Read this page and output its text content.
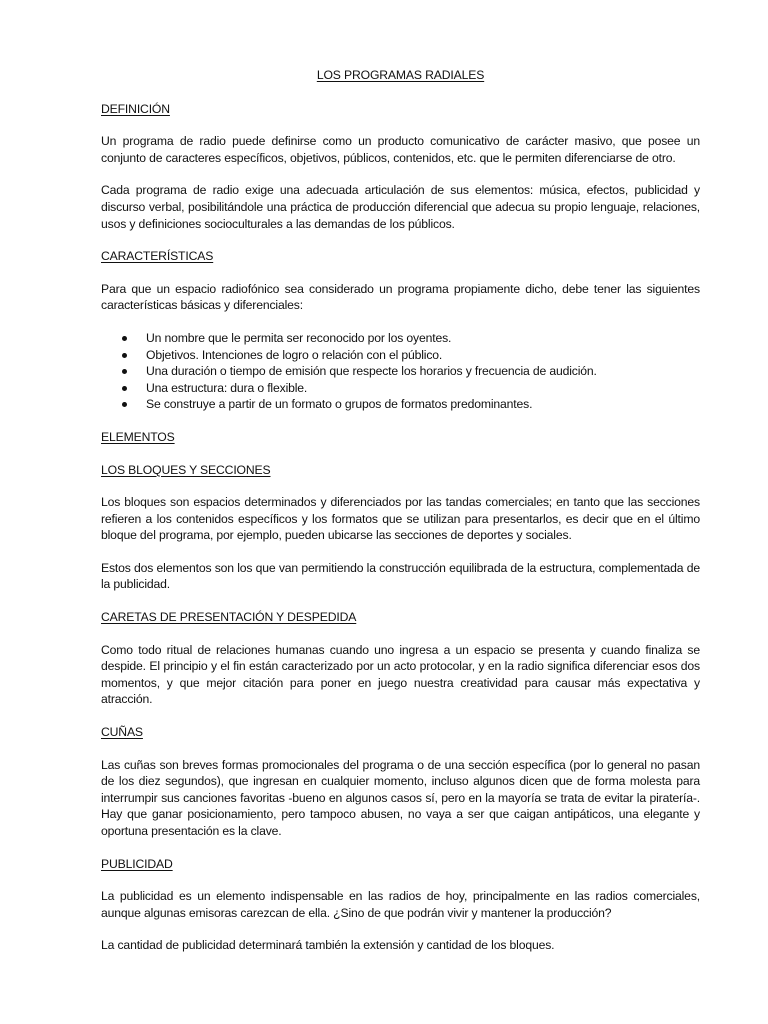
LOS PROGRAMAS RADIALES
DEFINICIÓN

Un programa de radio puede definirse como un producto comunicativo de carácter masivo, que posee un conjunto de caracteres específicos, objetivos, públicos, contenidos, etc. que le permiten diferenciarse de otro.

Cada programa de radio exige una adecuada articulación de sus elementos: música, efectos, publicidad y discurso verbal, posibilitándole una práctica de producción diferencial que adecua su propio lenguaje, relaciones, usos y definiciones socioculturales a las demandas de los públicos.

CARACTERÍSTICAS

Para que un espacio radiofónico sea considerado un programa propiamente dicho, debe tener las siguientes características básicas y diferenciales:

Un nombre que le permita ser reconocido por los oyentes.
Objetivos. Intenciones de logro o relación con el público.
Una duración o tiempo de emisión que respecte los horarios y frecuencia de audición.
Una estructura: dura o flexible.
Se construye a partir de un formato o grupos de formatos predominantes.
ELEMENTOS
LOS BLOQUES Y SECCIONES

Los bloques son espacios determinados y diferenciados por las tandas comerciales; en tanto que las secciones refieren a los contenidos específicos y los formatos que se utilizan para presentarlos, es decir que en el último bloque del programa, por ejemplo, pueden ubicarse las secciones de deportes y sociales.

Estos dos elementos son los que van permitiendo la construcción equilibrada de la estructura, complementada de la publicidad.

CARETAS DE PRESENTACIÓN Y DESPEDIDA

Como todo ritual de relaciones humanas cuando uno ingresa a un espacio se presenta y cuando finaliza se despide. El principio y el fin están caracterizado por un acto protocolar, y en la radio significa diferenciar esos dos momentos, y que mejor citación para poner en juego nuestra creatividad para causar más expectativa y atracción.

CUÑAS

Las cuñas son breves formas promocionales del programa o de una sección específica (por lo general no pasan de los diez segundos), que ingresan en cualquier momento, incluso algunos dicen que de forma molesta para interrumpir sus canciones favoritas -bueno en algunos casos sí, pero en la mayoría se trata de evitar la piratería-. Hay que ganar posicionamiento, pero tampoco abusen, no vaya a ser que caigan antipáticos, una elegante y oportuna presentación es la clave.

PUBLICIDAD

La publicidad es un elemento indispensable en las radios de hoy, principalmente en las radios comerciales, aunque algunas emisoras carezcan de ella. ¿Sino de que podrán vivir y mantener la producción?

La cantidad de publicidad determinará también la extensión y cantidad de los bloques.
